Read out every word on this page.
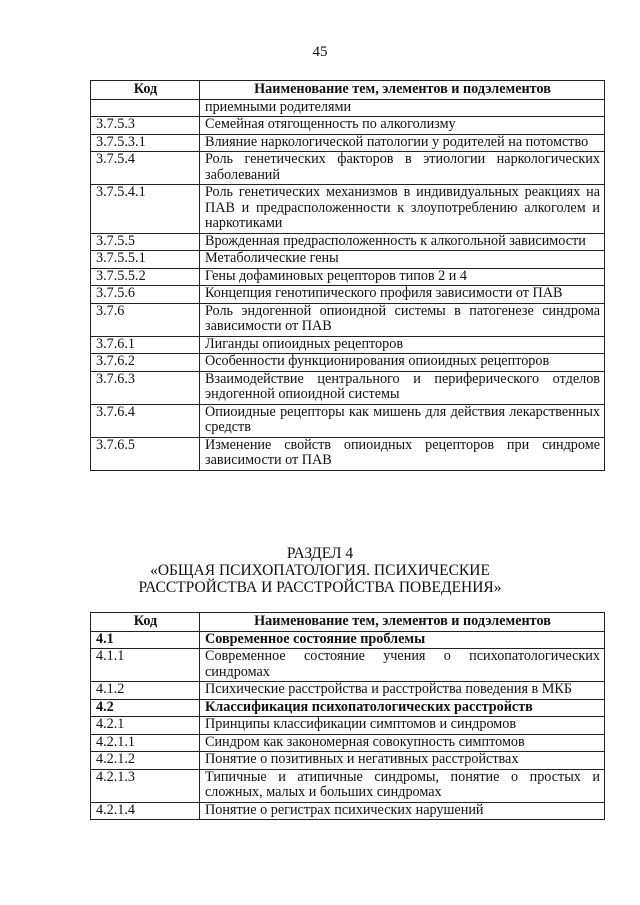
45
Код	Наименование тем, элементов и подэлементов
	приемными родителями
3.7.5.3	Семейная отягощенность по алкоголизму
3.7.5.3.1	Влияние наркологической патологии у родителей на потомство
3.7.5.4	Роль генетических факторов в этиологии наркологических заболеваний
3.7.5.4.1	Роль генетических механизмов в индивидуальных реакциях на ПАВ и предрасположенности к злоупотреблению алкоголем и наркотиками
3.7.5.5	Врожденная предрасположенность к алкогольной зависимости
3.7.5.5.1	Метаболические гены
3.7.5.5.2	Гены дофаминовых рецепторов типов 2 и 4
3.7.5.6	Концепция генотипического профиля зависимости от ПАВ
3.7.6	Роль эндогенной опиоидной системы в патогенезе синдрома зависимости от ПАВ
3.7.6.1	Лиганды опиоидных рецепторов
3.7.6.2	Особенности функционирования опиоидных рецепторов
3.7.6.3	Взаимодействие центрального и периферического отделов эндогенной опиоидной системы
3.7.6.4	Опиоидные рецепторы как мишень для действия лекарственных средств
3.7.6.5	Изменение свойств опиоидных рецепторов при синдроме зависимости от ПАВ
РАЗДЕЛ 4
«ОБЩАЯ ПСИХОПАТОЛОГИЯ. ПСИХИЧЕСКИЕ
РАССТРОЙСТВА И РАССТРОЙСТВА ПОВЕДЕНИЯ»
Код	Наименование тем, элементов и подэлементов
4.1	Современное состояние проблемы
4.1.1	Современное состояние учения о психопатологических синдромах
4.1.2	Психические расстройства и расстройства поведения в МКБ
4.2	Классификация психопатологических расстройств
4.2.1	Принципы классификации симптомов и синдромов
4.2.1.1	Синдром как закономерная совокупность симптомов
4.2.1.2	Понятие о позитивных и негативных расстройствах
4.2.1.3	Типичные и атипичные синдромы, понятие о простых и сложных, малых и больших синдромах
4.2.1.4	Понятие о регистрах психических нарушений
